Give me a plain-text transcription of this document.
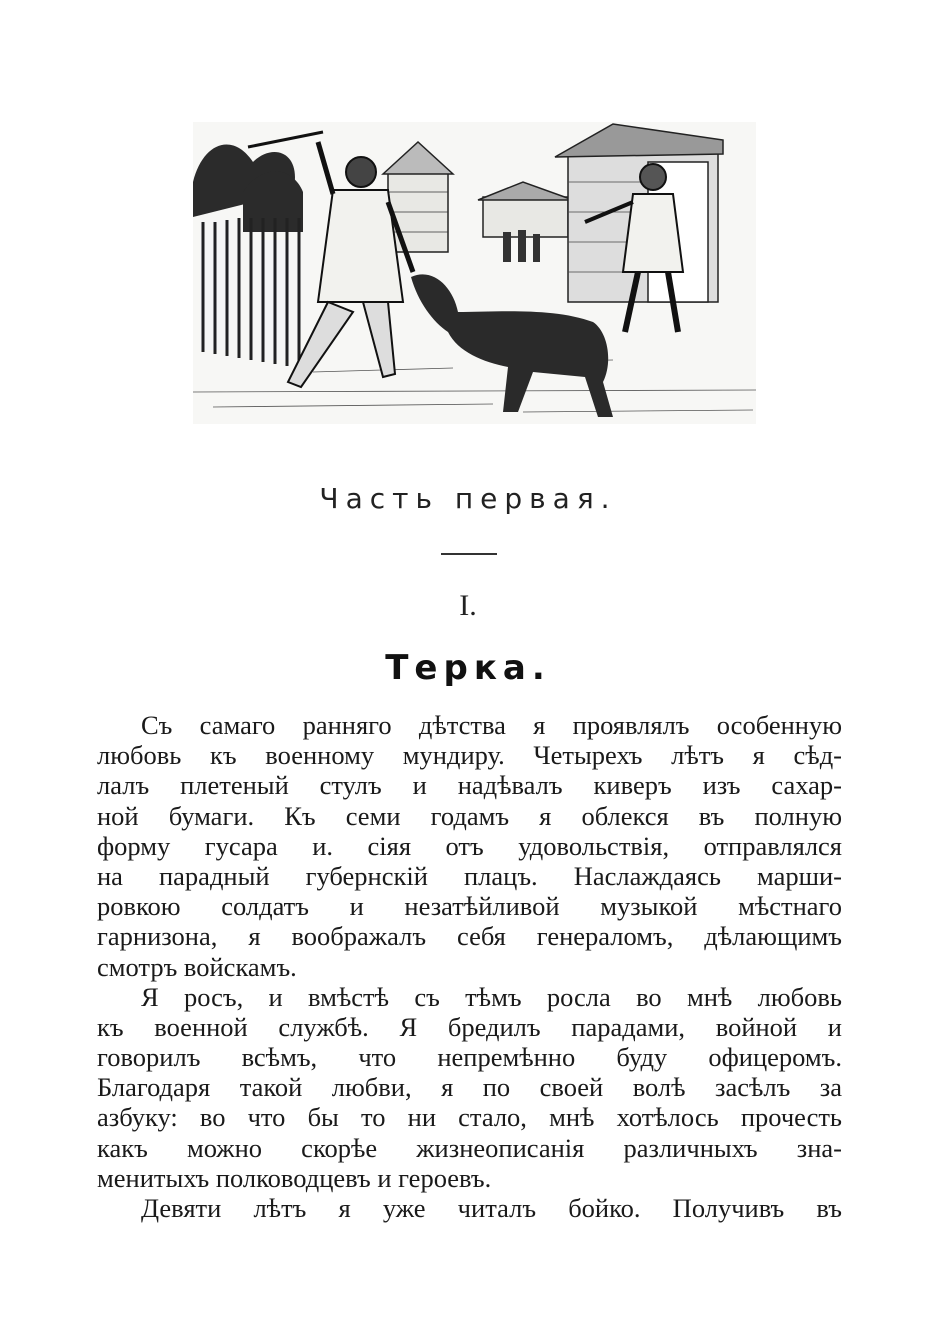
Часть первая.
I.
Терка.
Съ самаго ранняго дѣтства я проявлялъ особенную
любовь къ военному мундиру. Четырехъ лѣтъ я сѣд-
лалъ плетеный стулъ и надѣвалъ киверъ изъ сахар-
ной бумаги. Къ семи годамъ я облекся въ полную
форму гусара и. сіяя отъ удовольствія, отправлялся
на парадный губернскій плацъ. Наслаждаясь марши-
ровкою солдатъ и незатѣйливой музыкой мѣстнаго
гарнизона, я воображалъ себя генераломъ, дѣлающимъ
смотръ войскамъ.
Я росъ, и вмѣстѣ съ тѣмъ росла во мнѣ любовь
къ военной службѣ. Я бредилъ парадами, войной и
говорилъ всѣмъ, что непремѣнно буду офицеромъ.
Благодаря такой любви, я по своей волѣ засѣлъ за
азбуку: во что бы то ни стало, мнѣ хотѣлось прочесть
какъ можно скорѣе жизнеописанія различныхъ зна-
менитыхъ полководцевъ и героевъ.
Девяти лѣтъ я уже читалъ бойко. Получивъ въ
